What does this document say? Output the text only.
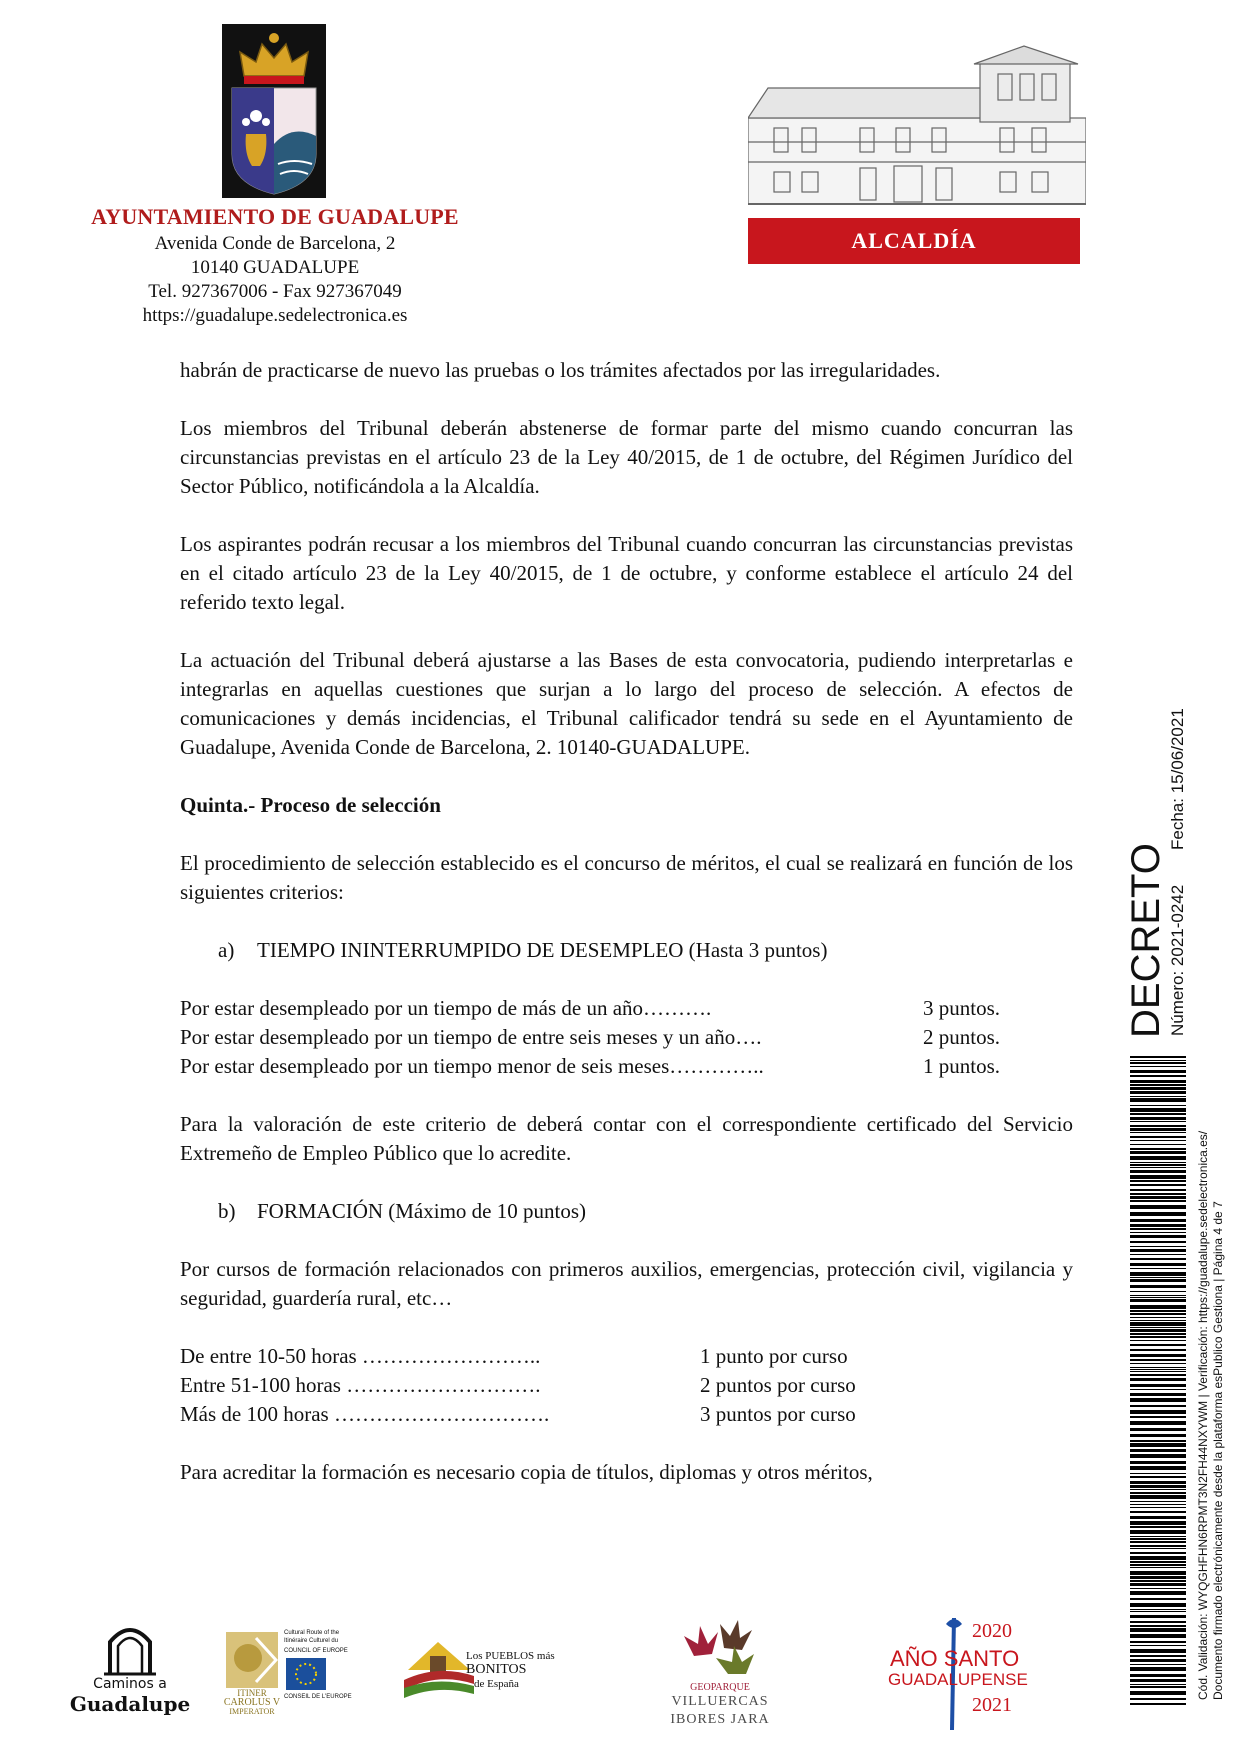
AYUNTAMIENTO DE GUADALUPE
Avenida Conde de Barcelona, 2
10140 GUADALUPE
Tel. 927367006 - Fax 927367049
https://guadalupe.sedelectronica.es
ALCALDÍA

habrán de practicarse de nuevo las pruebas o los trámites afectados por las irregularidades.

Los miembros del Tribunal deberán abstenerse de formar parte del mismo cuando concurran las circunstancias previstas en el artículo 23 de la Ley 40/2015, de 1 de octubre, del Régimen Jurídico del Sector Público, notificándola a la Alcaldía.

Los aspirantes podrán recusar a los miembros del Tribunal cuando concurran las circunstancias previstas en el citado artículo 23 de la Ley 40/2015, de 1 de octubre, y conforme establece el artículo 24 del referido texto legal.

La actuación del Tribunal deberá ajustarse a las Bases de esta convocatoria, pudiendo interpretarlas e integrarlas en aquellas cuestiones que surjan a lo largo del proceso de selección. A efectos de comunicaciones y demás incidencias, el Tribunal calificador tendrá su sede en el Ayuntamiento de Guadalupe, Avenida Conde de Barcelona, 2. 10140-GUADALUPE.

Quinta.- Proceso de selección

El procedimiento de selección establecido es el concurso de méritos, el cual se realizará en función de los siguientes criterios:

a) TIEMPO ININTERRUMPIDO DE DESEMPLEO (Hasta 3 puntos)
Por estar desempleado por un tiempo de más de un año……….	3 puntos.
Por estar desempleado por un tiempo de entre seis meses y un año….	2 puntos.
Por estar desempleado por un tiempo menor de seis meses…………..	1 puntos.

Para la valoración de este criterio de deberá contar con el correspondiente certificado del Servicio Extremeño de Empleo Público que lo acredite.

b) FORMACIÓN (Máximo de 10 puntos)

Por cursos de formación relacionados con primeros auxilios, emergencias, protección civil, vigilancia y seguridad, guardería rural, etc…

De entre 10-50 horas ……………………..	1 punto por curso
Entre 51-100 horas ……………………….	2 puntos por curso
Más de 100 horas ………………………….	3 puntos por curso

Para acreditar la formación es necesario copia de títulos, diplomas y otros méritos,

DECRETO Número: 2021-0242
Fecha: 15/06/2021
Cód. Validación: WYQGHFHN6RPMT3N2FH44NXYWM | Verificación: https://guadalupe.sedelectronica.es/ Documento firmado electrónicamente desde la plataforma esPublico Gestiona | Página 4 de 7
Caminos a
Guadalupe	ITINER
CAROLUS V
IMPERATOR
Cultural Route of the
Itinéraire Culturel du
COUNCIL OF EUROPE
CONSEIL DE L'EUROPE
Los PUEBLOS más
BONITOS
de España	GEOPARQUE
VILLUERCAS
IBORES JARA
2020
AÑO SANTO
GUADALUPENSE
2021
